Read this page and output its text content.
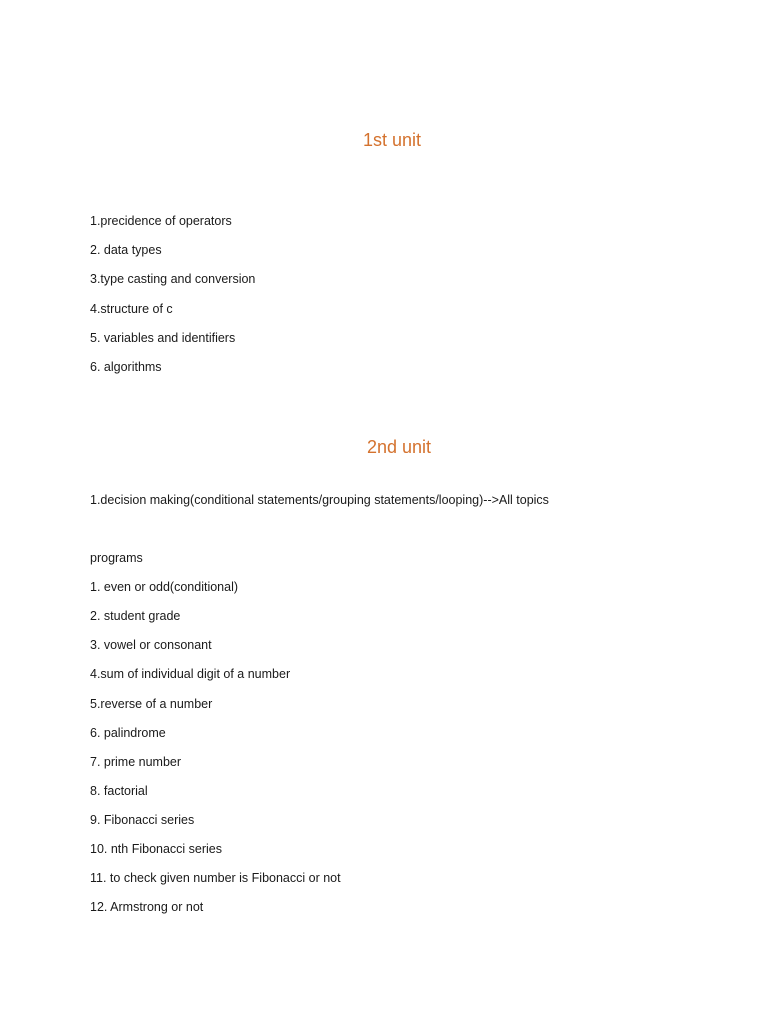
1st unit

1.precidence of operators

2. data types

3.type casting and conversion

4.structure of c

5. variables and identifiers

6. algorithms

2nd unit

1.decision making(conditional statements/grouping statements/looping)-->All topics

programs

1. even or odd(conditional)

2. student grade

3. vowel or consonant

4.sum of individual digit of a number

5.reverse of a number

6. palindrome

7. prime number

8. factorial

9. Fibonacci series

10. nth Fibonacci series

11. to check given number is Fibonacci or not

12. Armstrong or not
